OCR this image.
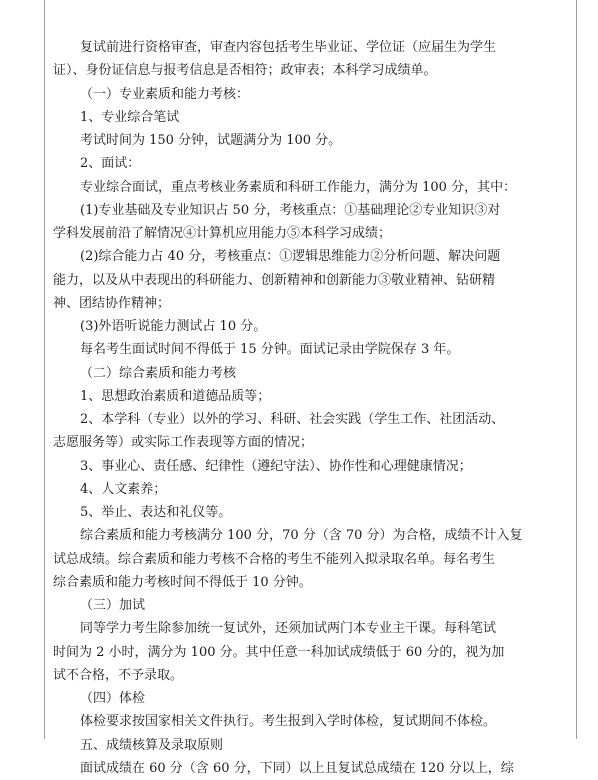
复试前进行资格审查，审查内容包括考生毕业证、学位证（应届生为学生
证）、身份证信息与报考信息是否相符；政审表；本科学习成绩单。
（一）专业素质和能力考核：
1、专业综合笔试
考试时间为 150 分钟，试题满分为 100 分。
2、面试：
专业综合面试，重点考核业务素质和科研工作能力，满分为 100 分，其中：
(1)专业基础及专业知识占 50 分，考核重点：①基础理论②专业知识③对
学科发展前沿了解情况④计算机应用能力⑤本科学习成绩；
(2)综合能力占 40 分，考核重点：①逻辑思维能力②分析问题、解决问题
能力，以及从中表现出的科研能力、创新精神和创新能力③敬业精神、钻研精
神、团结协作精神；
(3)外语听说能力测试占 10 分。
每名考生面试时间不得低于 15 分钟。面试记录由学院保存 3 年。
（二）综合素质和能力考核
1、思想政治素质和道德品质等；
2、本学科（专业）以外的学习、科研、社会实践（学生工作、社团活动、
志愿服务等）或实际工作表现等方面的情况；
3、事业心、责任感、纪律性（遵纪守法）、协作性和心理健康情况；
4、人文素养；
5、举止、表达和礼仪等。
综合素质和能力考核满分 100 分，70 分（含 70 分）为合格，成绩不计入复
试总成绩。综合素质和能力考核不合格的考生不能列入拟录取名单。每名考生
综合素质和能力考核时间不得低于 10 分钟。
（三）加试
同等学力考生除参加统一复试外，还须加试两门本专业主干课。每科笔试
时间为 2 小时，满分为 100 分。其中任意一科加试成绩低于 60 分的，视为加
试不合格，不予录取。
（四）体检
体检要求按国家相关文件执行。考生报到入学时体检，复试期间不体检。
五、成绩核算及录取原则
面试成绩在 60 分（含 60 分，下同）以上且复试总成绩在 120 分以上，综
